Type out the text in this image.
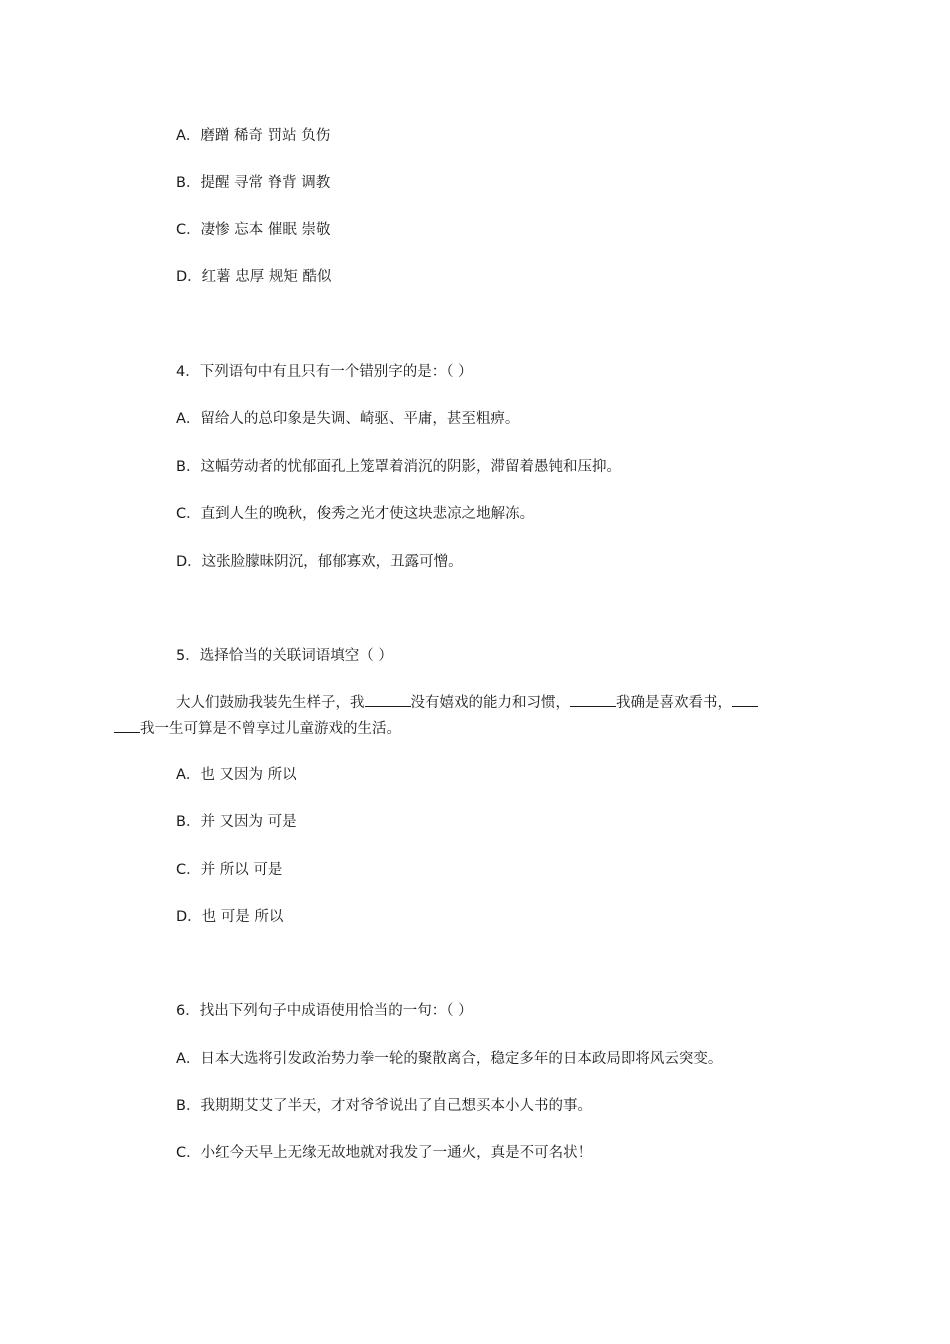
A．磨蹭 稀奇 罚站 负伤
B．提醒 寻常 脊背 调教
C．凄惨 忘本 催眠 崇敬
D．红薯 忠厚 规矩 酷似
4．下列语句中有且只有一个错别字的是：（ ）
A．留给人的总印象是失调、崎驱、平庸，甚至粗痹。
B．这幅劳动者的忧郁面孔上笼罩着消沉的阴影，滞留着愚钝和压抑。
C．直到人生的晚秋，俊秀之光才使这块悲凉之地解冻。
D．这张脸朦昧阴沉，郁郁寡欢，丑露可憎。
5．选择恰当的关联词语填空（ ）
大人们鼓励我装先生样子，我	没有嬉戏的能力和习惯，	我确是喜欢看书，
我一生可算是不曾享过儿童游戏的生活。
A．也 又因为 所以
B．并 又因为 可是
C．并 所以 可是
D．也 可是 所以
6．找出下列句子中成语使用恰当的一句：（ ）
A．日本大选将引发政治势力拳一轮的聚散离合，稳定多年的日本政局即将风云突变。
B．我期期艾艾了半天，才对爷爷说出了自己想买本小人书的事。
C．小红今天早上无缘无故地就对我发了一通火，真是不可名状！
